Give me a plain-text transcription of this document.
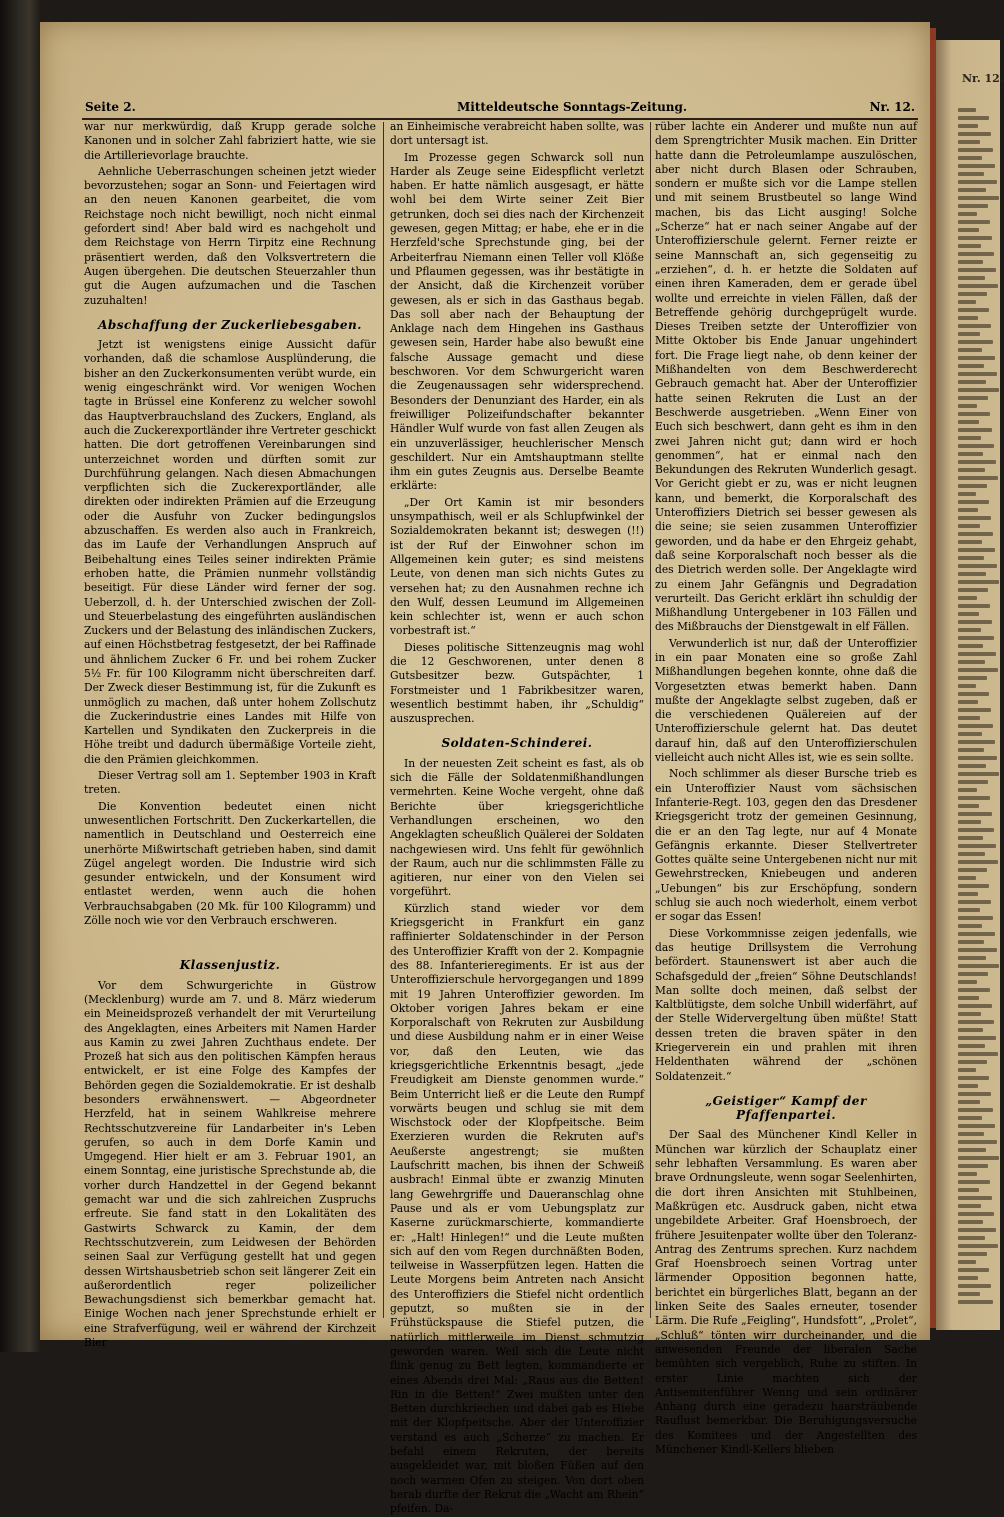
Nr. 12.
Seite 2.	Mitteldeutsche Sonntags-Zeitung.	Nr. 12.

war nur merkwürdig, daß Krupp gerade solche Kanonen und in solcher Zahl fabriziert hatte, wie sie die Artillerievorlage brauchte.

Aehnliche Ueberraschungen scheinen jetzt wieder bevorzustehen; sogar an Sonn- und Feiertagen wird an den neuen Kanonen gearbeitet, die vom Reichstage noch nicht bewilligt, noch nicht einmal gefordert sind! Aber bald wird es nachgeholt und dem Reichstage von Herrn Tirpitz eine Rechnung präsentiert werden, daß den Volksvertretern die Augen übergehen. Die deutschen Steuerzahler thun gut die Augen aufzumachen und die Taschen zuzuhalten!

Abschaffung der Zuckerliebesgaben.

Jetzt ist wenigstens einige Aussicht dafür vorhanden, daß die schamlose Ausplünderung, die bisher an den Zuckerkonsumenten verübt wurde, ein wenig eingeschränkt wird. Vor wenigen Wochen tagte in Brüssel eine Konferenz zu welcher sowohl das Hauptverbrauchsland des Zuckers, England, als auch die Zuckerexportländer ihre Vertreter geschickt hatten. Die dort getroffenen Vereinbarungen sind unterzeichnet worden und dürften somit zur Durchführung gelangen. Nach diesen Abmachungen verpflichten sich die Zuckerexportländer, alle direkten oder indirekten Prämien auf die Erzeugung oder die Ausfuhr von Zucker bedingungslos abzuschaffen. Es werden also auch in Frankreich, das im Laufe der Verhandlungen Anspruch auf Beibehaltung eines Teiles seiner indirekten Prämie erhoben hatte, die Prämien nunmehr vollständig beseitigt. Für diese Länder wird ferner der sog. Ueberzoll, d. h. der Unterschied zwischen der Zoll- und Steuerbelastung des eingeführten ausländischen Zuckers und der Belastung des inländischen Zuckers, auf einen Höchstbetrag festgesetzt, der bei Raffinade und ähnlichem Zucker 6 Fr. und bei rohem Zucker 5½ Fr. für 100 Kilogramm nicht überschreiten darf. Der Zweck dieser Bestimmung ist, für die Zukunft es unmöglich zu machen, daß unter hohem Zollschutz die Zuckerindustrie eines Landes mit Hilfe von Kartellen und Syndikaten den Zuckerpreis in die Höhe treibt und dadurch übermäßige Vorteile zieht, die den Prämien gleichkommen.

Dieser Vertrag soll am 1. September 1903 in Kraft treten.

Die Konvention bedeutet einen nicht unwesentlichen Fortschritt. Den Zuckerkartellen, die namentlich in Deutschland und Oesterreich eine unerhörte Mißwirtschaft getrieben haben, sind damit Zügel angelegt worden. Die Industrie wird sich gesunder entwickeln, und der Konsument wird entlastet werden, wenn auch die hohen Verbrauchsabgaben (20 Mk. für 100 Kilogramm) und Zölle noch wie vor den Verbrauch erschweren.

Klassenjustiz.

Vor dem Schwurgerichte in Güstrow (Mecklenburg) wurde am 7. und 8. März wiederum ein Meineidsprozeß verhandelt der mit Verurteilung des Angeklagten, eines Arbeiters mit Namen Harder aus Kamin zu zwei Jahren Zuchthaus endete. Der Prozeß hat sich aus den politischen Kämpfen heraus entwickelt, er ist eine Folge des Kampfes der Behörden gegen die Sozialdemokratie. Er ist deshalb besonders erwähnenswert. — Abgeordneter Herzfeld, hat in seinem Wahlkreise mehrere Rechtsschutzvereine für Landarbeiter in's Leben gerufen, so auch in dem Dorfe Kamin und Umgegend. Hier hielt er am 3. Februar 1901, an einem Sonntag, eine juristische Sprechstunde ab, die vorher durch Handzettel in der Gegend bekannt gemacht war und die sich zahlreichen Zuspruchs erfreute. Sie fand statt in den Lokalitäten des Gastwirts Schwarck zu Kamin, der dem Rechtsschutzverein, zum Leidwesen der Behörden seinen Saal zur Verfügung gestellt hat und gegen dessen Wirtshausbetrieb schon seit längerer Zeit ein außerordentlich reger polizeilicher Bewachungsdienst sich bemerkbar gemacht hat. Einige Wochen nach jener Sprechstunde erhielt er eine Strafverfügung, weil er während der Kirchzeit Bier

an Einheimische verabreicht haben sollte, was dort untersagt ist.

Im Prozesse gegen Schwarck soll nun Harder als Zeuge seine Eidespflicht verletzt haben. Er hatte nämlich ausgesagt, er hätte wohl bei dem Wirte seiner Zeit Bier getrunken, doch sei dies nach der Kirchenzeit gewesen, gegen Mittag; er habe, ehe er in die Herzfeld'sche Sprechstunde ging, bei der Arbeiterfrau Niemann einen Teller voll Klöße und Pflaumen gegessen, was ihr bestätigte in der Ansicht, daß die Kirchenzeit vorüber gewesen, als er sich in das Gasthaus begab. Das soll aber nach der Behauptung der Anklage nach dem Hingehen ins Gasthaus gewesen sein, Harder habe also bewußt eine falsche Aussage gemacht und diese beschworen. Vor dem Schwurgericht waren die Zeugenaussagen sehr widersprechend. Besonders der Denunziant des Harder, ein als freiwilliger Polizeifundschafter bekannter Händler Wulf wurde von fast allen Zeugen als ein unzuverlässiger, heuchlerischer Mensch geschildert. Nur ein Amtshauptmann stellte ihm ein gutes Zeugnis aus. Derselbe Beamte erklärte:

„Der Ort Kamin ist mir besonders unsympathisch, weil er als Schlupfwinkel der Sozialdemokraten bekannt ist; deswegen (!!) ist der Ruf der Einwohner schon im Allgemeinen kein guter; es sind meistens Leute, von denen man sich nichts Gutes zu versehen hat; zu den Ausnahmen rechne ich den Wulf, dessen Leumund im Allgemeinen kein schlechter ist, wenn er auch schon vorbestraft ist.“

Dieses politische Sittenzeugnis mag wohl die 12 Geschworenen, unter denen 8 Gutsbesitzer bezw. Gutspächter, 1 Forstmeister und 1 Fabrikbesitzer waren, wesentlich bestimmt haben, ihr „Schuldig“ auszusprechen.

Soldaten-Schinderei.

In der neuesten Zeit scheint es fast, als ob sich die Fälle der Soldatenmißhandlungen vermehrten. Keine Woche vergeht, ohne daß Berichte über kriegsgerichtliche Verhandlungen erscheinen, wo den Angeklagten scheußlich Quälerei der Soldaten nachgewiesen wird. Uns fehlt für gewöhnlich der Raum, auch nur die schlimmsten Fälle zu agitieren, nur einer von den Vielen sei vorgeführt.

Kürzlich stand wieder vor dem Kriegsgericht in Frankfurt ein ganz raffinierter Soldatenschinder in der Person des Unteroffizier Krafft von der 2. Kompagnie des 88. Infanterieregiments. Er ist aus der Unteroffizierschule hervorgegangen und 1899 mit 19 Jahren Unteroffizier geworden. Im Oktober vorigen Jahres bekam er eine Korporalschaft von Rekruten zur Ausbildung und diese Ausbildung nahm er in einer Weise vor, daß den Leuten, wie das kriegsgerichtliche Erkenntnis besagt, „jede Freudigkeit am Dienste genommen wurde.“ Beim Unterricht ließ er die Leute den Rumpf vorwärts beugen und schlug sie mit dem Wischstock oder der Klopfpeitsche. Beim Exerzieren wurden die Rekruten auf's Aeußerste angestrengt; sie mußten Laufschritt machen, bis ihnen der Schweiß ausbrach! Einmal übte er zwanzig Minuten lang Gewehrgriffe und Daueranschlag ohne Pause und als er vom Uebungsplatz zur Kaserne zurückmarschierte, kommandierte er: „Halt! Hinlegen!“ und die Leute mußten sich auf den vom Regen durchnäßten Boden, teilweise in Wasserpfützen legen. Hatten die Leute Morgens beim Antreten nach Ansicht des Unteroffiziers die Stiefel nicht ordentlich geputzt, so mußten sie in der Frühstückspause die Stiefel putzen, die natürlich mittlerweile im Dienst schmutzig geworden waren. Weil sich die Leute nicht flink genug zu Bett legten, kommandierte er eines Abends drei Mal: „Raus aus die Betten! Rin in die Betten!“ Zwei mußten unter den Betten durchkriechen und dabei gab es Hiebe mit der Klopfpeitsche. Aber der Unteroffizier verstand es auch „Scherze“ zu machen. Er befahl einem Rekruten, der bereits ausgekleidet war, mit bloßen Füßen auf den noch warmen Ofen zu steigen. Von dort oben herab durfte der Rekrut die „Wacht am Rhein“ pfeifen. Da-

rüber lachte ein Anderer und mußte nun auf dem Sprengtrichter Musik machen. Ein Dritter hatte dann die Petroleumlampe auszulöschen, aber nicht durch Blasen oder Schrauben, sondern er mußte sich vor die Lampe stellen und mit seinem Brustbeutel so lange Wind machen, bis das Licht ausging! Solche „Scherze“ hat er nach seiner Angabe auf der Unteroffizierschule gelernt. Ferner reizte er seine Mannschaft an, sich gegenseitig zu „erziehen“, d. h. er hetzte die Soldaten auf einen ihren Kameraden, dem er gerade übel wollte und erreichte in vielen Fällen, daß der Betreffende gehörig durchgeprügelt wurde. Dieses Treiben setzte der Unteroffizier von Mitte Oktober bis Ende Januar ungehindert fort. Die Frage liegt nahe, ob denn keiner der Mißhandelten von dem Beschwerderecht Gebrauch gemacht hat. Aber der Unteroffizier hatte seinen Rekruten die Lust an der Beschwerde ausgetrieben. „Wenn Einer von Euch sich beschwert, dann geht es ihm in den zwei Jahren nicht gut; dann wird er hoch genommen“, hat er einmal nach den Bekundungen des Rekruten Wunderlich gesagt. Vor Gericht giebt er zu, was er nicht leugnen kann, und bemerkt, die Korporalschaft des Unteroffiziers Dietrich sei besser gewesen als die seine; sie seien zusammen Unteroffizier geworden, und da habe er den Ehrgeiz gehabt, daß seine Korporalschaft noch besser als die des Dietrich werden solle. Der Angeklagte wird zu einem Jahr Gefängnis und Degradation verurteilt. Das Gericht erklärt ihn schuldig der Mißhandlung Untergebener in 103 Fällen und des Mißbrauchs der Dienstgewalt in elf Fällen.

Verwunderlich ist nur, daß der Unteroffizier in ein paar Monaten eine so große Zahl Mißhandlungen begehen konnte, ohne daß die Vorgesetzten etwas bemerkt haben. Dann mußte der Angeklagte selbst zugeben, daß er die verschiedenen Quälereien auf der Unteroffizierschule gelernt hat. Das deutet darauf hin, daß auf den Unteroffizierschulen vielleicht auch nicht Alles ist, wie es sein sollte.

Noch schlimmer als dieser Bursche trieb es ein Unteroffizier Naust vom sächsischen Infanterie-Regt. 103, gegen den das Dresdener Kriegsgericht trotz der gemeinen Gesinnung, die er an den Tag legte, nur auf 4 Monate Gefängnis erkannte. Dieser Stellvertreter Gottes quälte seine Untergebenen nicht nur mit Gewehrstrecken, Kniebeugen und anderen „Uebungen“ bis zur Erschöpfung, sondern schlug sie auch noch wiederholt, einem verbot er sogar das Essen!

Diese Vorkommnisse zeigen jedenfalls, wie das heutige Drillsystem die Verrohung befördert. Staunenswert ist aber auch die Schafsgeduld der „freien“ Söhne Deutschlands! Man sollte doch meinen, daß selbst der Kaltblütigste, dem solche Unbill widerfährt, auf der Stelle Widervergeltung üben müßte! Statt dessen treten die braven später in den Kriegerverein ein und prahlen mit ihren Heldenthaten während der „schönen Soldatenzeit.“

„Geistiger“ Kampf der Pfaffenpartei.

Der Saal des Münchener Kindl Keller in München war kürzlich der Schauplatz einer sehr lebhaften Versammlung. Es waren aber brave Ordnungsleute, wenn sogar Seelenhirten, die dort ihren Ansichten mit Stuhlbeinen, Maßkrügen etc. Ausdruck gaben, nicht etwa ungebildete Arbeiter. Graf Hoensbroech, der frühere Jesuitenpater wollte über den Toleranz-Antrag des Zentrums sprechen. Kurz nachdem Graf Hoensbroech seinen Vortrag unter lärmender Opposition begonnen hatte, berichtet ein bürgerliches Blatt, begann an der linken Seite des Saales erneuter, tosender Lärm. Die Rufe „Feigling“, Hundsfott“, „Prolet“, „Schluß“ tönten wirr durcheinander, und die anwesenden Freunde der liberalen Sache bemühten sich vergeblich, Ruhe zu stiften. In erster Linie machten sich der Antisemitenführer Wenng und sein ordinärer Anhang durch eine geradezu haarsträubende Rauflust bemerkbar. Die Beruhigungsversuche des Komitees und der Angestellten des Münchener Kindl-Kellers blieben
